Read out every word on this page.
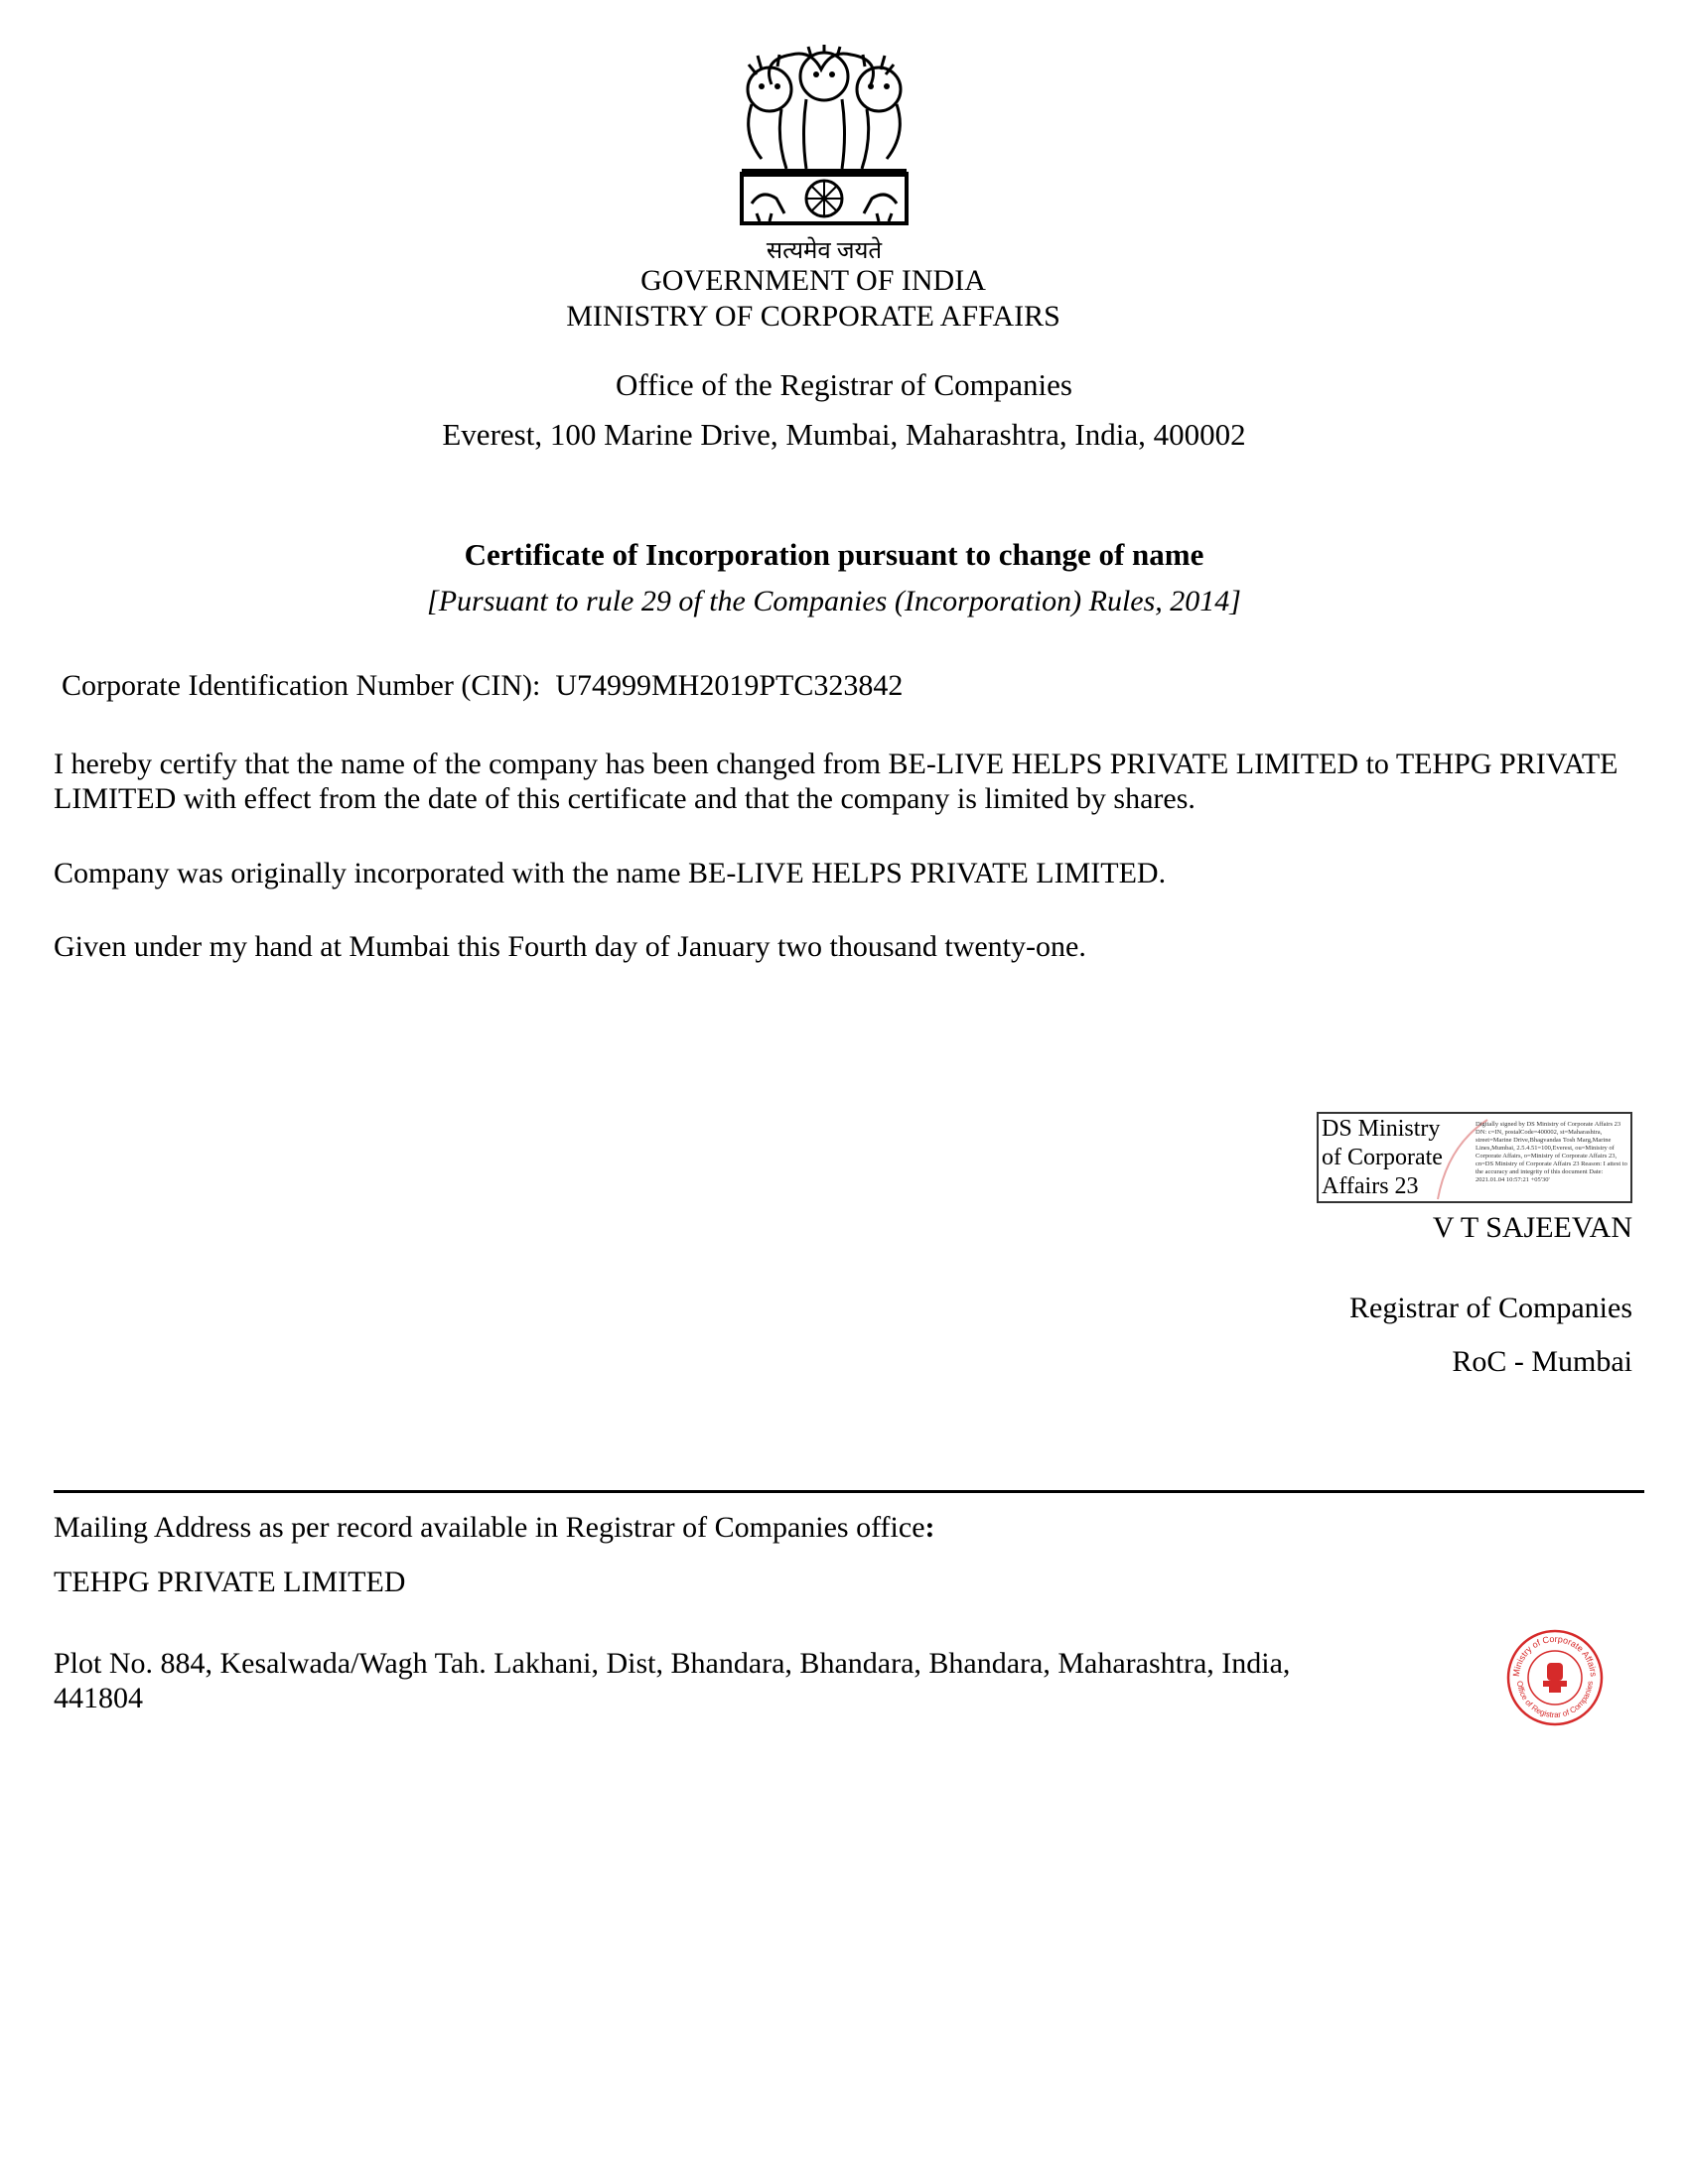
सत्यमेव जयते
GOVERNMENT OF INDIA
MINISTRY OF CORPORATE AFFAIRS
Office of the Registrar of Companies
Everest, 100 Marine Drive, Mumbai, Maharashtra, India, 400002
Certificate of Incorporation pursuant to change of name
[Pursuant to rule 29 of the Companies (Incorporation) Rules, 2014]
Corporate Identification Number (CIN):  U74999MH2019PTC323842
I hereby certify that the name of the company has been changed from BE-LIVE HELPS PRIVATE LIMITED to TEHPG PRIVATE LIMITED with effect from the date of this certificate and that the company is limited by shares.
Company was originally incorporated with the name BE-LIVE HELPS PRIVATE LIMITED.
Given under my hand at Mumbai this Fourth day of January two thousand twenty-one.
DS Ministry
of Corporate
Affairs 23
Digitally signed by DS Ministry of Corporate Affairs 23 DN: c=IN, postalCode=400002, st=Maharashtra, street=Marine Drive,Bhagvandas Tosh Marg,Marine Lines,Mumbai, 2.5.4.51=100,Everest, ou=Ministry of Corporate Affairs, o=Ministry of Corporate Affairs 23, cn=DS Ministry of Corporate Affairs 23 Reason: I attest to the accuracy and integrity of this document Date: 2021.01.04 10:57:21 +05'30'
V T SAJEEVAN
Registrar of Companies
RoC - Mumbai
Mailing Address as per record available in Registrar of Companies office:
TEHPG PRIVATE LIMITED
Plot No. 884, Kesalwada/Wagh Tah. Lakhani, Dist, Bhandara, Bhandara, Bhandara, Maharashtra, India, 441804
Ministry of Corporate Affairs
Office of Registrar of Companies
